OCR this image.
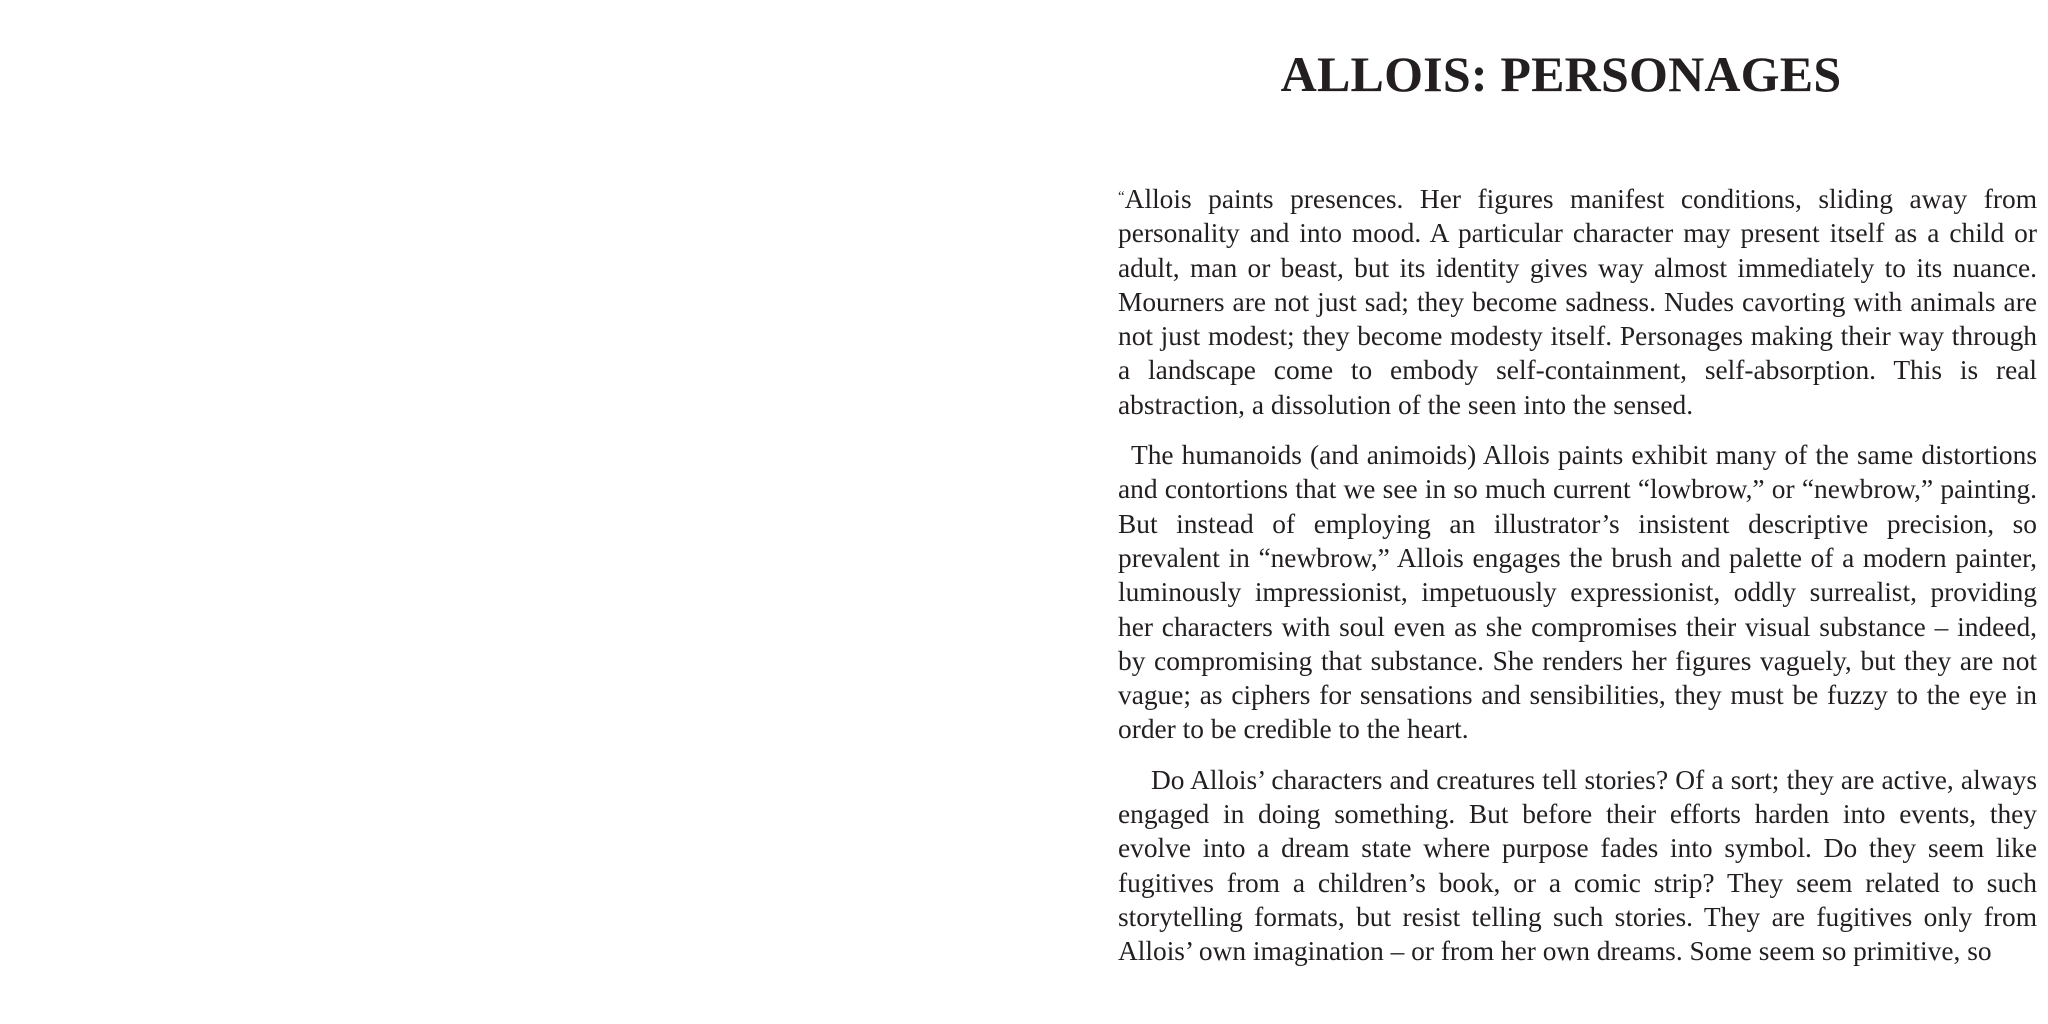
ALLOIS: PERSONAGES

“Allois paints presences. Her figures manifest conditions, sliding away from personality and into mood. A particular character may present itself as a child or adult, man or beast, but its identity gives way almost immediately to its nuance. Mourners are not just sad; they become sadness. Nudes cavorting with animals are not just modest; they become modesty itself. Personages making their way through a landscape come to embody self-containment, self-absorption. This is real abstraction, a dissolution of the seen into the sensed.

The humanoids (and animoids) Allois paints exhibit many of the same distortions and contortions that we see in so much current “lowbrow,” or “newbrow,” painting. But instead of employing an illustrator’s insistent descriptive precision, so prevalent in “newbrow,” Allois engages the brush and palette of a modern painter, luminously impressionist, impetuously expressionist, oddly surrealist, providing her characters with soul even as she compromises their visual substance – indeed, by compromising that substance. She renders her figures vaguely, but they are not vague; as ciphers for sensations and sensibilities, they must be fuzzy to the eye in order to be credible to the heart.

Do Allois’ characters and creatures tell stories? Of a sort; they are active, always engaged in doing something. But before their efforts harden into events, they evolve into a dream state where purpose fades into symbol. Do they seem like fugitives from a children’s book, or a comic strip? They seem related to such storytelling formats, but resist telling such stories. They are fugitives only from Allois’ own imagination – or from her own dreams. Some seem so primitive, so
